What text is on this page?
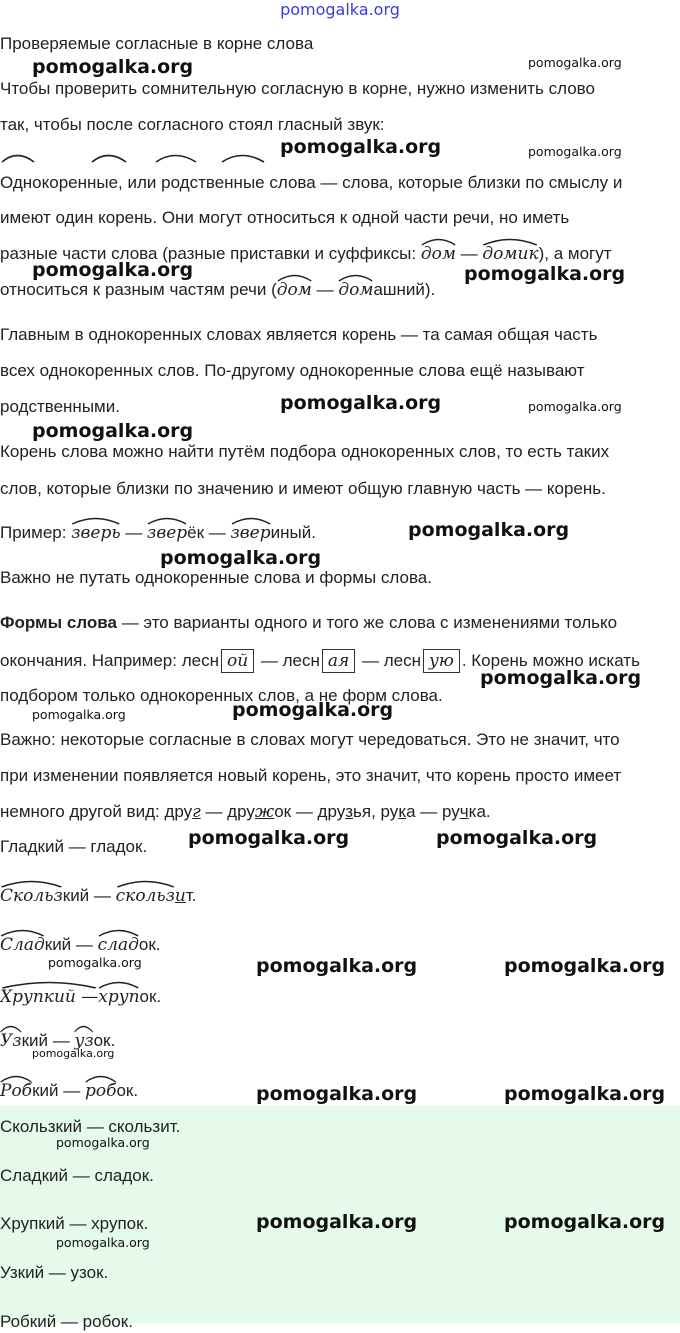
pomogalka.org
Проверяемые согласные в корне слова
Чтобы проверить сомнительную согласную в корне, нужно изменить слово
так, чтобы после согласного стоял гласный звук:
Однокоренные, или родственные слова — слова, которые близки по смыслу и
имеют один корень. Они могут относиться к одной части речи, но иметь
разные части слова (разные приставки и суффиксы:
дом —
домик), а могут
относиться к разным частям речи (
дом —
домашний).
Главным в однокоренных словах является корень — та самая общая часть
всех однокоренных слов. По-другому однокоренные слова ещё называют
родственными.
Корень слова можно найти путём подбора однокоренных слов, то есть таких
слов, которые близки по значению и имеют общую главную часть — корень.
Пример:
зверь —
зверёк —
звериный.
Важно не путать однокоренные слова и формы слова.
Формы слова — это варианты одного и того же слова с изменениями только
окончания. Например: лесн ой — лесн ая — лесн ую . Корень можно искать
подбором только однокоренных слов, а не форм слова.
Важно: некоторые согласные в словах могут чередоваться. Это не значит, что
при изменении появляется новый корень, это значит, что корень просто имеет
немного другой вид: друг — дружок — друзья, рука — ручка.
Гладкий — гладок.
Скользкий —
скользит.
Сладкий —
сладок.
Хрупкий —
хрупок.
Узкий —
узок.
Робкий —
робок.
Скользкий — скользит.
Сладкий — сладок.
Хрупкий — хрупок.
Узкий — узок.
Робкий — робок.
pomogalka.org	pomogalka.org
pomogalka.org	pomogalka.org
pomogalka.org	pomogalka.org
pomogalka.org	pomogalka.org
pomogalka.org
pomogalka.org
pomogalka.org
pomogalka.org
pomogalka.org	pomogalka.org
pomogalka.org	pomogalka.org
pomogalka.org	pomogalka.org	pomogalka.org
pomogalka.org
pomogalka.org	pomogalka.org
pomogalka.org
pomogalka.org	pomogalka.org
pomogalka.org
